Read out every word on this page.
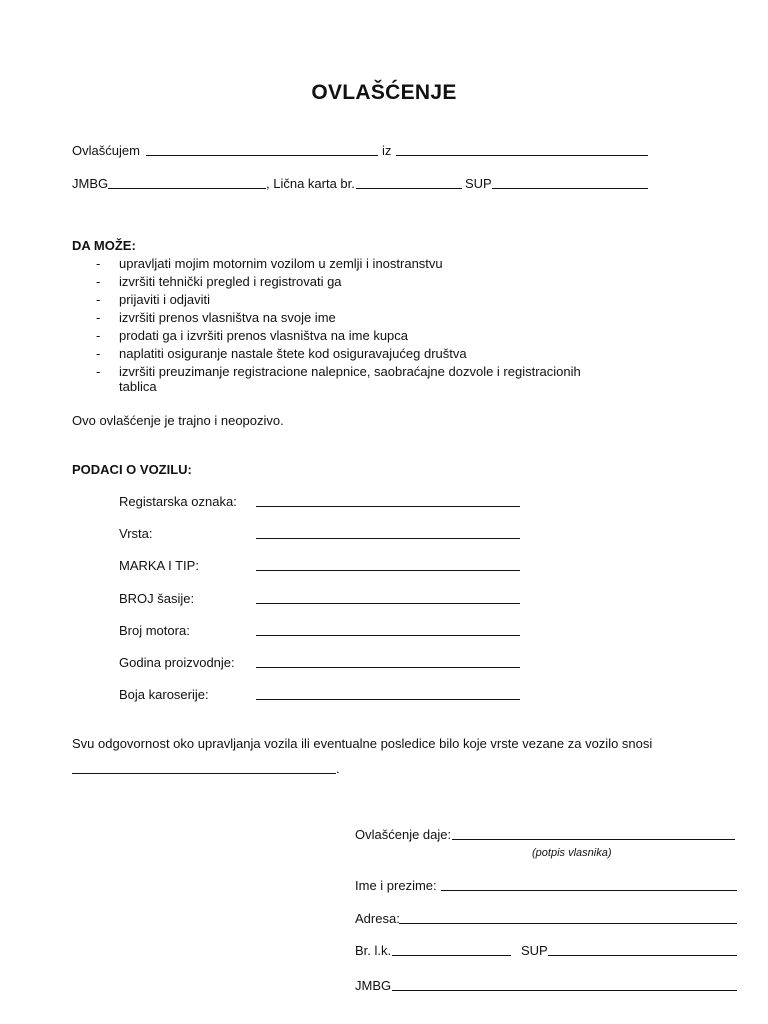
OVLAŠĆENJE
Ovlašćujem	iz
JMBG	, Lična karta br.	SUP
DA MOŽE:
- upravljati mojim motornim vozilom u zemlji i inostranstvu
- izvršiti tehnički pregled i registrovati ga
- prijaviti i odjaviti
- izvršiti prenos vlasništva na svoje ime
- prodati ga i izvršiti prenos vlasništva na ime kupca
- naplatiti osiguranje nastale štete kod osiguravajućeg društva
- izvršiti preuzimanje registracione nalepnice, saobraćajne dozvole i registracionih
tablica
Ovo ovlašćenje je trajno i neopozivo.
PODACI O VOZILU:
Registarska oznaka:
Vrsta:
MARKA I TIP:
BROJ šasije:
Broj motora:
Godina proizvodnje:
Boja karoserije:
Svu odgovornost oko upravljanja vozila ili eventualne posledice bilo koje vrste vezane za vozilo snosi
.
Ovlašćenje daje:
(potpis vlasnika)
Ime i prezime:
Adresa:
Br. l.k.	SUP
JMBG
